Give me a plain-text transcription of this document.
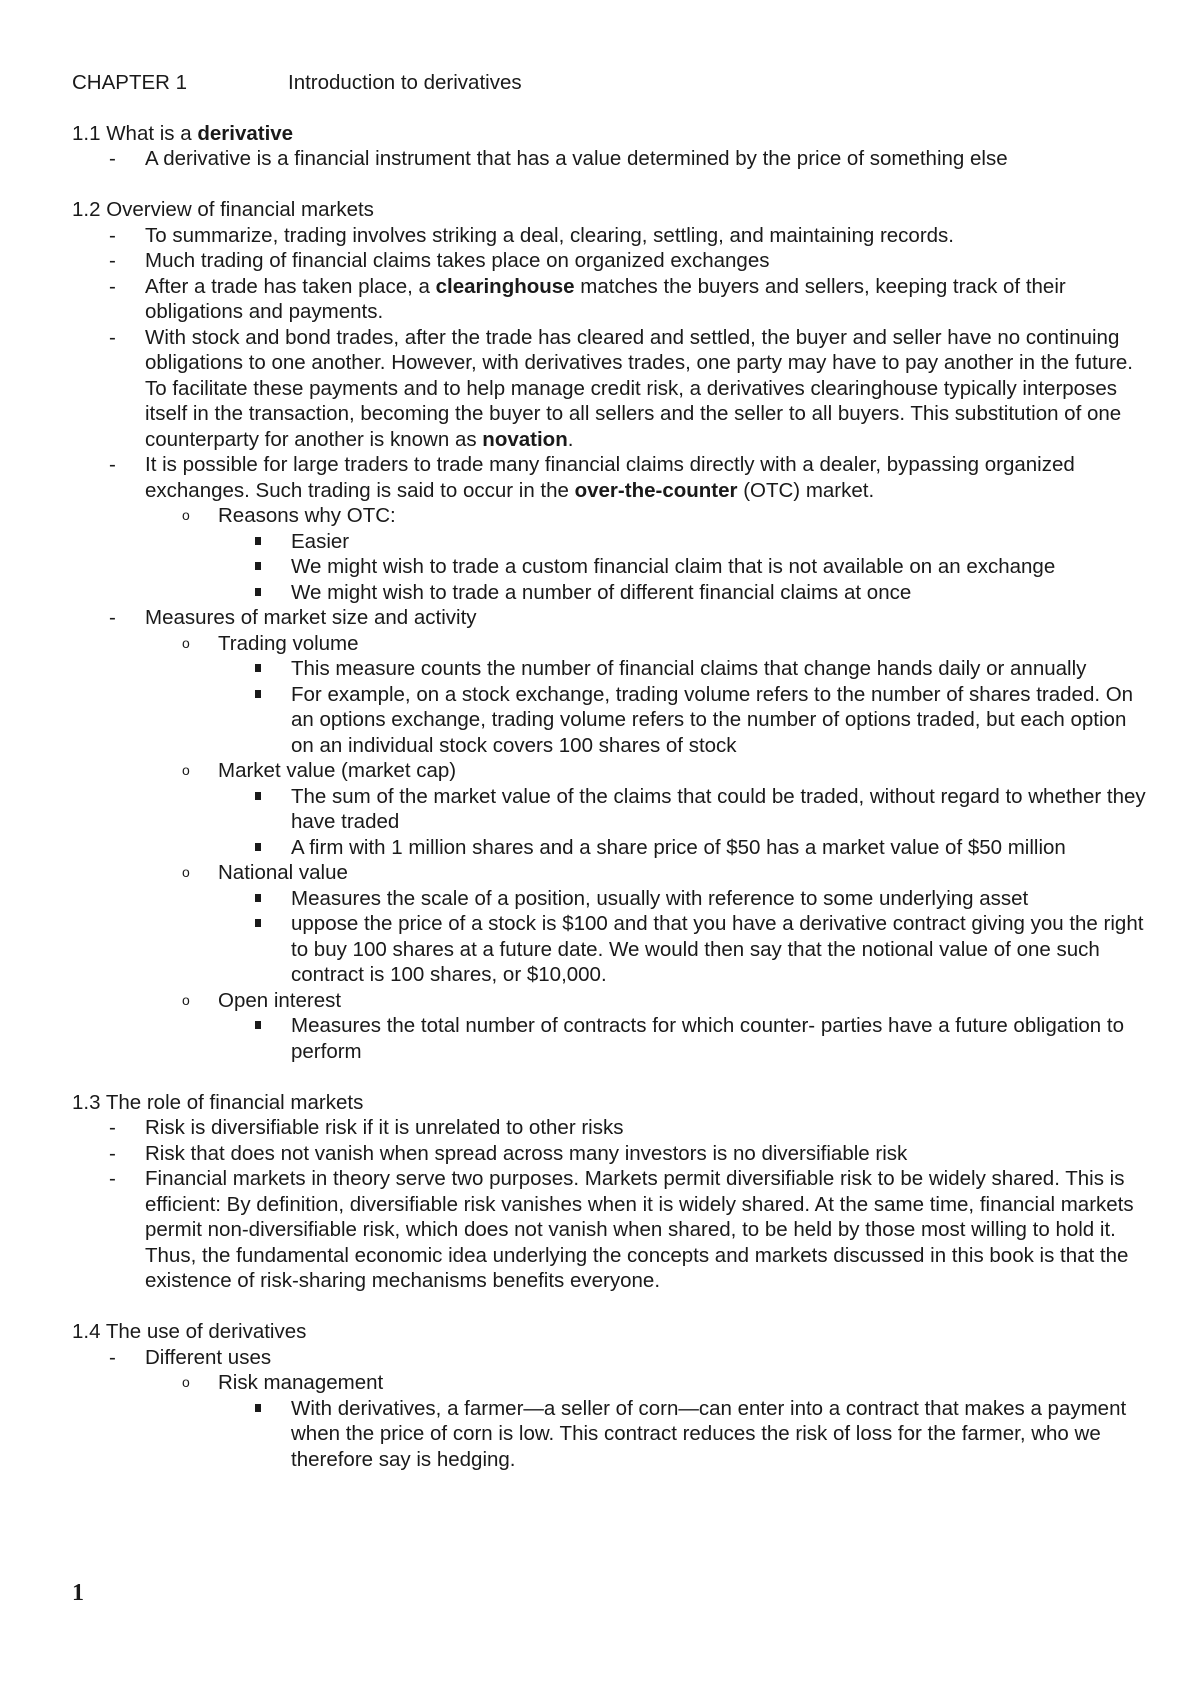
CHAPTER 1	Introduction to derivatives
1.1 What is a derivative
- A derivative is a financial instrument that has a value determined by the price of something else
1.2 Overview of financial markets
- To summarize, trading involves striking a deal, clearing, settling, and maintaining records.
- Much trading of financial claims takes place on organized exchanges
- After a trade has taken place, a clearinghouse matches the buyers and sellers, keeping track of their obligations and payments.
- With stock and bond trades, after the trade has cleared and settled, the buyer and seller have no continuing obligations to one another. However, with derivatives trades, one party may have to pay another in the future. To facilitate these payments and to help manage credit risk, a derivatives clearinghouse typically interposes itself in the transaction, becoming the buyer to all sellers and the seller to all buyers. This substitution of one counterparty for another is known as novation.
- It is possible for large traders to trade many financial claims directly with a dealer, bypassing organized exchanges. Such trading is said to occur in the over-the-counter (OTC) market.
o Reasons why OTC:
Easier
We might wish to trade a custom financial claim that is not available on an exchange
We might wish to trade a number of different financial claims at once
- Measures of market size and activity
o Trading volume
This measure counts the number of financial claims that change hands daily or annually
For example, on a stock exchange, trading volume refers to the number of shares traded. On an options exchange, trading volume refers to the number of options traded, but each option on an individual stock covers 100 shares of stock
o Market value (market cap)
The sum of the market value of the claims that could be traded, without regard to whether they have traded
A firm with 1 million shares and a share price of $50 has a market value of $50 million
o National value
Measures the scale of a position, usually with reference to some underlying asset
uppose the price of a stock is $100 and that you have a derivative contract giving you the right to buy 100 shares at a future date. We would then say that the notional value of one such contract is 100 shares, or $10,000.
o Open interest
Measures the total number of contracts for which counter- parties have a future obligation to perform
1.3 The role of financial markets
- Risk is diversifiable risk if it is unrelated to other risks
- Risk that does not vanish when spread across many investors is no diversifiable risk
- Financial markets in theory serve two purposes. Markets permit diversifiable risk to be widely shared. This is efficient: By definition, diversifiable risk vanishes when it is widely shared. At the same time, financial markets permit non-diversifiable risk, which does not vanish when shared, to be held by those most willing to hold it. Thus, the fundamental economic idea underlying the concepts and markets discussed in this book is that the existence of risk-sharing mechanisms benefits everyone.
1.4 The use of derivatives
- Different uses
o Risk management
With derivatives, a farmer—a seller of corn—can enter into a contract that makes a payment when the price of corn is low. This contract reduces the risk of loss for the farmer, who we therefore say is hedging.
1
